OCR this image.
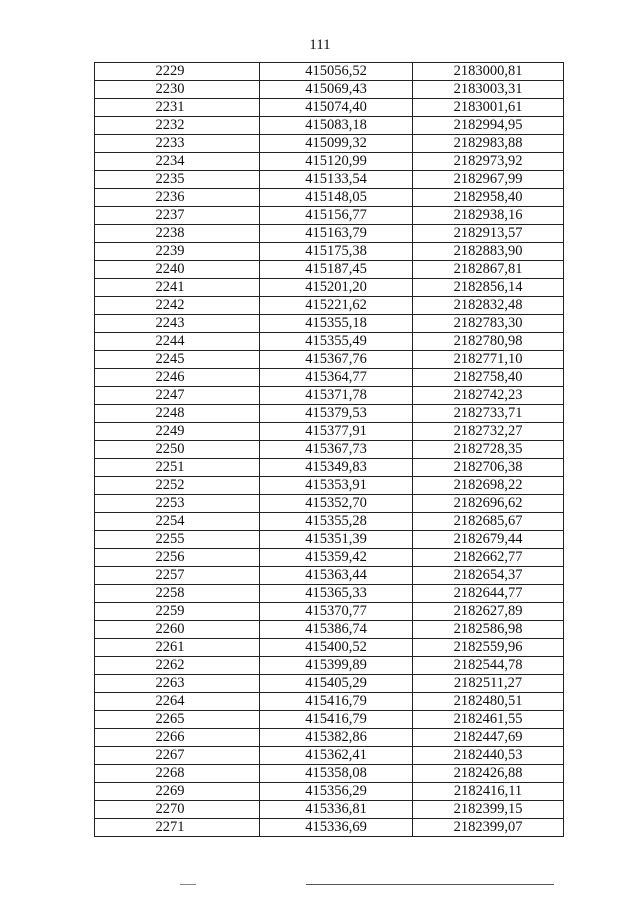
111
2229	415056,52	2183000,81
2230	415069,43	2183003,31
2231	415074,40	2183001,61
2232	415083,18	2182994,95
2233	415099,32	2182983,88
2234	415120,99	2182973,92
2235	415133,54	2182967,99
2236	415148,05	2182958,40
2237	415156,77	2182938,16
2238	415163,79	2182913,57
2239	415175,38	2182883,90
2240	415187,45	2182867,81
2241	415201,20	2182856,14
2242	415221,62	2182832,48
2243	415355,18	2182783,30
2244	415355,49	2182780,98
2245	415367,76	2182771,10
2246	415364,77	2182758,40
2247	415371,78	2182742,23
2248	415379,53	2182733,71
2249	415377,91	2182732,27
2250	415367,73	2182728,35
2251	415349,83	2182706,38
2252	415353,91	2182698,22
2253	415352,70	2182696,62
2254	415355,28	2182685,67
2255	415351,39	2182679,44
2256	415359,42	2182662,77
2257	415363,44	2182654,37
2258	415365,33	2182644,77
2259	415370,77	2182627,89
2260	415386,74	2182586,98
2261	415400,52	2182559,96
2262	415399,89	2182544,78
2263	415405,29	2182511,27
2264	415416,79	2182480,51
2265	415416,79	2182461,55
2266	415382,86	2182447,69
2267	415362,41	2182440,53
2268	415358,08	2182426,88
2269	415356,29	2182416,11
2270	415336,81	2182399,15
2271	415336,69	2182399,07
